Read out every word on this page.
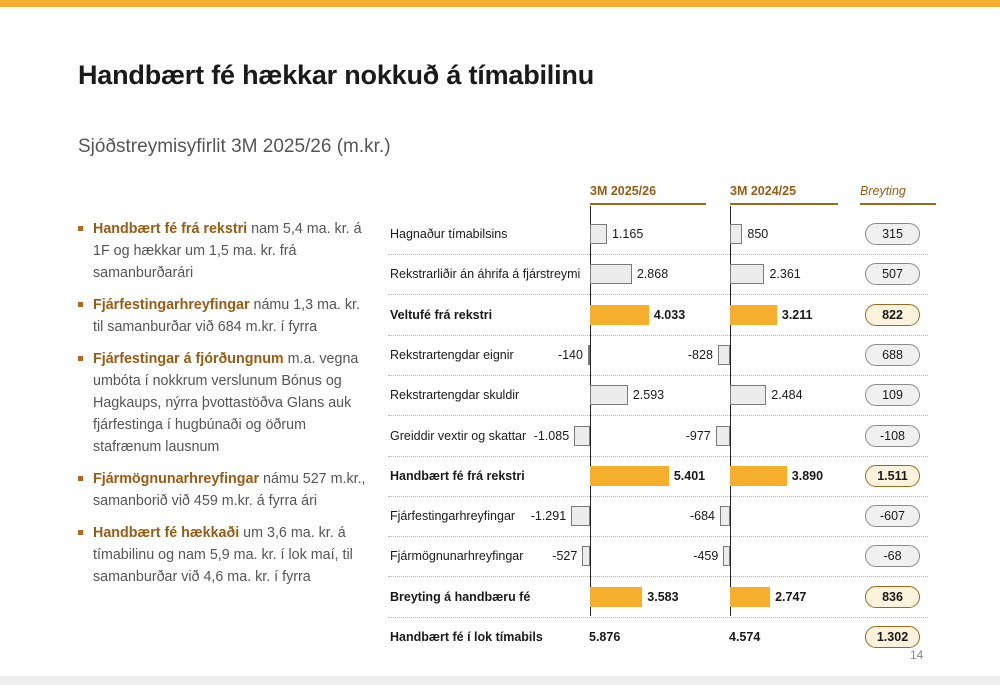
Handbært fé hækkar nokkuð á tímabilinu
Sjóðstreymisyfirlit 3M 2025/26 (m.kr.)
Handbært fé frá rekstri nam 5,4 ma. kr. á 1F og hækkar um 1,5 ma. kr. frá samanburðarári
Fjárfestingarhreyfingar námu 1,3 ma. kr. til samanburðar við 684 m.kr. í fyrra
Fjárfestingar á fjórðungnum m.a. vegna umbóta í nokkrum verslunum Bónus og Hagkaups, nýrra þvottastöðva Glans auk fjárfestinga í hugbúnaði og öðrum stafrænum lausnum
Fjármögnunarhreyfingar námu 527 m.kr., samanborið við 459 m.kr. á fyrra ári
Handbært fé hækkaði um 3,6 ma. kr. á tímabilinu og nam 5,9 ma. kr. í lok maí, til samanburðar við 4,6 ma. kr. í fyrra
3M 2025/26	3M 2024/25	Breyting
Hagnaður tímabilsins	1.165	850	315
Rekstrarliðir án áhrifa á fjárstreymi	2.868	2.361	507
Veltufé frá rekstri	4.033	3.211	822
Rekstrartengdar eignir	-140	-828	688
Rekstrartengdar skuldir	2.593	2.484	109
Greiddir vextir og skattar -1.085	-977	-108
Handbært fé frá rekstri	5.401	3.890	1.511
Fjárfestingarhreyfingar -1.291	-684	-607
Fjármögnunarhreyfingar -527	-459	-68
Breyting á handbæru fé	3.583	2.747	836
Handbært fé í lok tímabils	5.876	4.574	1.302
14
